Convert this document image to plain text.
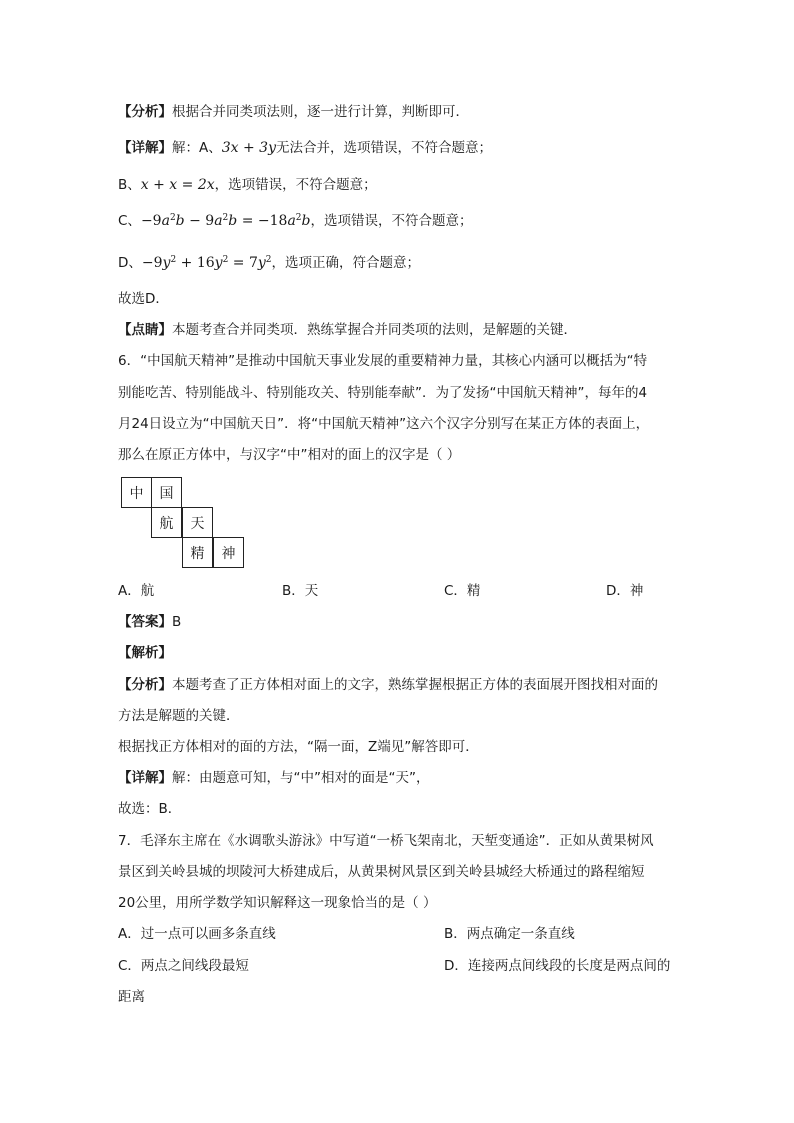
【分析】根据合并同类项法则，逐一进行计算，判断即可．
【详解】解：A、3x + 3y无法合并，选项错误，不符合题意；
B、x + x = 2x，选项错误，不符合题意；
C、$-9a^2b - 9a^2b = -18a^2b$，选项错误，不符合题意；
D、$-9y^2 + 16y^2 = 7y^2$，选项正确，符合题意；
故选D．
【点睛】本题考查合并同类项．熟练掌握合并同类项的法则，是解题的关键．
6．“中国航天精神”是推动中国航天事业发展的重要精神力量，其核心内涵可以概括为“特
别能吃苦、特别能战斗、特别能攻关、特别能奉献”．为了发扬“中国航天精神”，每年的4
月24日设立为“中国航天日”．将“中国航天精神”这六个汉字分别写在某正方体的表面上，
那么在原正方体中，与汉字“中”相对的面上的汉字是（ ）
中	国
航	天
精	神
A．航	B．天	C．精	D．神
【答案】B
【解析】
【分析】本题考查了正方体相对面上的文字，熟练掌握根据正方体的表面展开图找相对面的
方法是解题的关键．
根据找正方体相对的面的方法，“隔一面，Z端见”解答即可．
【详解】解：由题意可知，与“中”相对的面是“天”，
故选：B．
7．毛泽东主席在《水调歌头游泳》中写道“一桥飞架南北，天堑变通途”．正如从黄果树风
景区到关岭县城的坝陵河大桥建成后，从黄果树风景区到关岭县城经大桥通过的路程缩短
20公里，用所学数学知识解释这一现象恰当的是（ ）
A．过一点可以画多条直线	B．两点确定一条直线
C．两点之间线段最短	D．连接两点间线段的长度是两点间的
距离
